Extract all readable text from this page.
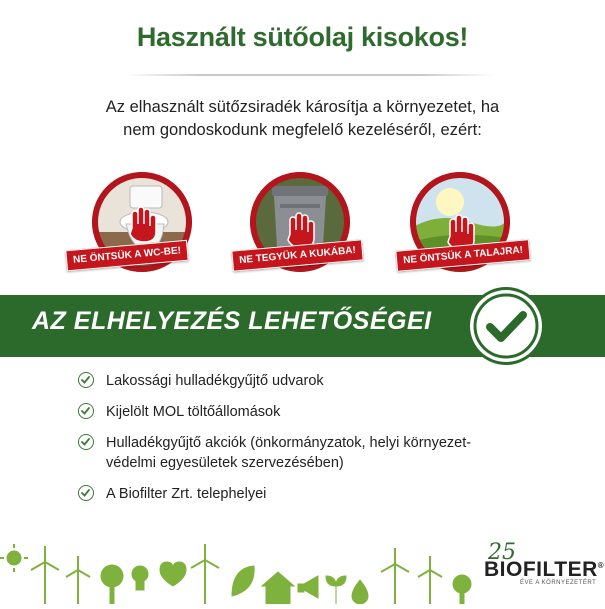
Használt sütőolaj kisokos!
Az elhasznált sütőzsiradék károsítja a környezetet, ha
nem gondoskodunk megfelelő kezeléséről, ezért:
NE ÖNTSÜK A WC-BE!	NE TEGYÜK A KUKÁBA!	NE ÖNTSÜK A TALAJRA!
AZ ELHELYEZÉS LEHETŐSÉGEI
Lakossági hulladékgyűjtő udvarok
Kijelölt MOL töltőállomások
Hulladékgyűjtő akciók (önkormányzatok, helyi környezet-
védelmi egyesületek szervezésében)
A Biofilter Zrt. telephelyei
25
BIOFILTER®
ÉVE A KÖRNYEZETÉRT
